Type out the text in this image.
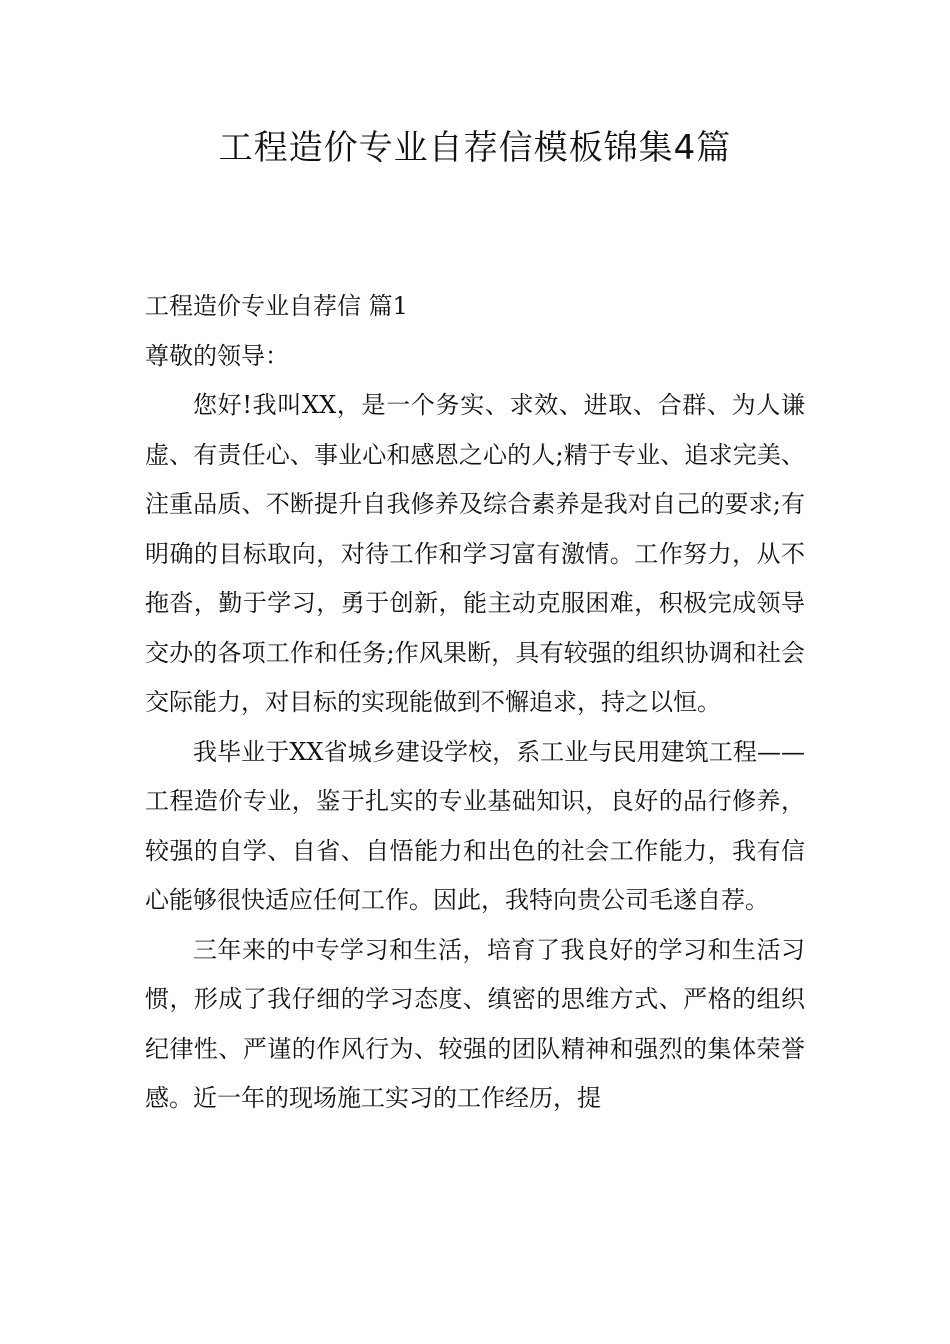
工程造价专业自荐信模板锦集4篇

工程造价专业自荐信 篇1

尊敬的领导：

您好!我叫XX，是一个务实、求效、进取、合群、为人谦虚、有责任心、事业心和感恩之心的人;精于专业、追求完美、注重品质、不断提升自我修养及综合素养是我对自己的要求;有明确的目标取向，对待工作和学习富有激情。工作努力，从不拖沓，勤于学习，勇于创新，能主动克服困难，积极完成领导交办的各项工作和任务;作风果断，具有较强的组织协调和社会交际能力，对目标的实现能做到不懈追求，持之以恒。

我毕业于XX省城乡建设学校，系工业与民用建筑工程——工程造价专业，鉴于扎实的专业基础知识，良好的品行修养，较强的自学、自省、自悟能力和出色的社会工作能力，我有信心能够很快适应任何工作。因此，我特向贵公司毛遂自荐。

三年来的中专学习和生活，培育了我良好的学习和生活习惯，形成了我仔细的学习态度、缜密的思维方式、严格的组织纪律性、严谨的作风行为、较强的团队精神和强烈的集体荣誉感。近一年的现场施工实习的工作经历，提
